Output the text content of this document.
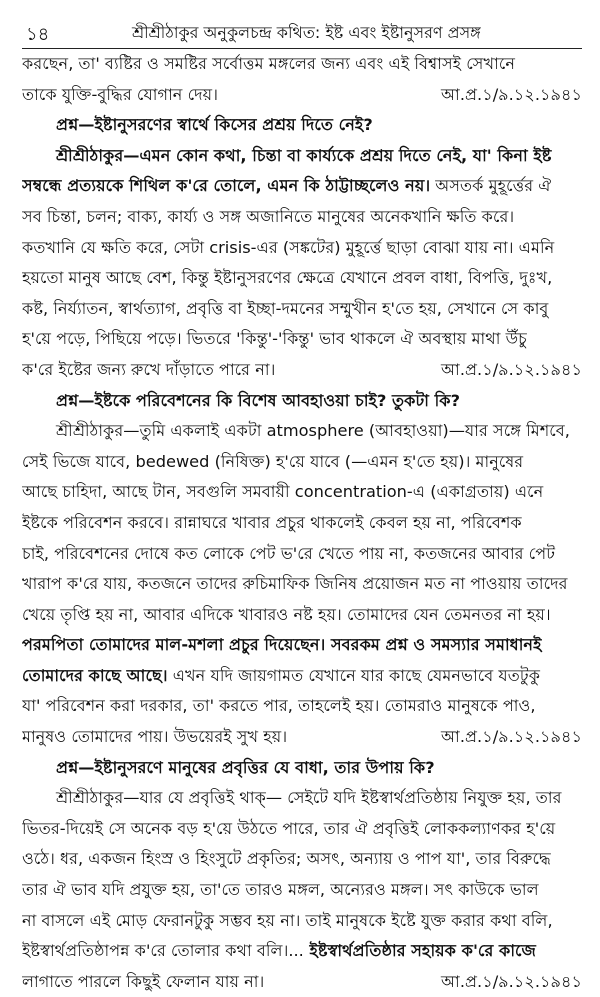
১৪	শ্রীশ্রীঠাকুর অনুকুলচন্দ্র কথিত: ইষ্ট এবং ইষ্টানুসরণ প্রসঙ্গ
করছেন, তা' ব্যষ্টির ও সমষ্টির সর্বোত্তম মঙ্গলের জন্য এবং এই বিশ্বাসই সেখানে
তাকে যুক্তি-বুদ্ধির যোগান দেয়।	আ.প্র.১/৯.১২.১৯৪১
প্রশ্ন—ইষ্টানুসরণের স্বার্থে কিসের প্রশ্রয় দিতে নেই?
শ্রীশ্রীঠাকুর—এমন কোন কথা, চিন্তা বা কার্য্যকে প্রশ্রয় দিতে নেই, যা' কিনা ইষ্ট
সম্বন্ধে প্রত্যয়কে শিথিল ক'রে তোলে, এমন কি ঠাট্টাচ্ছলেও নয়। অসতর্ক মুহূর্ত্তের ঐ
সব চিন্তা, চলন; বাক্য, কার্য্য ও সঙ্গ অজানিতে মানুষের অনেকখানি ক্ষতি করে।
কতখানি যে ক্ষতি করে, সেটা crisis-এর (সঙ্কটের) মুহূর্ত্তে ছাড়া বোঝা যায় না। এমনি
হয়তো মানুষ আছে বেশ, কিন্তু ইষ্টানুসরণের ক্ষেত্রে যেখানে প্রবল বাধা, বিপত্তি, দুঃখ,
কষ্ট, নির্য্যাতন, স্বার্থত্যাগ, প্রবৃত্তি বা ইচ্ছা-দমনের সম্মুখীন হ'তে হয়, সেখানে সে কাবু
হ'য়ে পড়ে, পিছিয়ে পড়ে। ভিতরে 'কিন্তু'-'কিন্তু' ভাব থাকলে ঐ অবস্থায় মাথা উঁচু
ক'রে ইষ্টের জন্য রুখে দাঁড়াতে পারে না।	আ.প্র.১/৯.১২.১৯৪১
প্রশ্ন—ইষ্টকে পরিবেশনের কি বিশেষ আবহাওয়া চাই? তুকটা কি?
শ্রীশ্রীঠাকুর—তুমি একলাই একটা atmosphere (আবহাওয়া)—যার সঙ্গে মিশবে,
সেই ভিজে যাবে, bedewed (নিষিক্ত) হ'য়ে যাবে (—এমন হ'তে হয়)। মানুষের
আছে চাহিদা, আছে টান, সবগুলি সমবায়ী concentration-এ (একাগ্রতায়) এনে
ইষ্টকে পরিবেশন করবে। রান্নাঘরে খাবার প্রচুর থাকলেই কেবল হয় না, পরিবেশক
চাই, পরিবেশনের দোষে কত লোকে পেট ভ'রে খেতে পায় না, কতজনের আবার পেট
খারাপ ক'রে যায়, কতজনে তাদের রুচিমাফিক জিনিষ প্রয়োজন মত না পাওয়ায় তাদের
খেয়ে তৃপ্তি হয় না, আবার এদিকে খাবারও নষ্ট হয়। তোমাদের যেন তেমনতর না হয়।
পরমপিতা তোমাদের মাল-মশলা প্রচুর দিয়েছেন। সবরকম প্রশ্ন ও সমস্যার সমাধানই
তোমাদের কাছে আছে। এখন যদি জায়গামত যেখানে যার কাছে যেমনভাবে যতটুকু
যা' পরিবেশন করা দরকার, তা' করতে পার, তাহলেই হয়। তোমরাও মানুষকে পাও,
মানুষও তোমাদের পায়। উভয়েরই সুখ হয়।	আ.প্র.১/৯.১২.১৯৪১
প্রশ্ন—ইষ্টানুসরণে মানুষের প্রবৃত্তির যে বাধা, তার উপায় কি?
শ্রীশ্রীঠাকুর—যার যে প্রবৃত্তিই থাক্— সেইটে যদি ইষ্টস্বার্থপ্রতিষ্ঠায় নিযুক্ত হয়, তার
ভিতর-দিয়েই সে অনেক বড় হ'য়ে উঠতে পারে, তার ঐ প্রবৃত্তিই লোককল্যাণকর হ'য়ে
ওঠে। ধর, একজন হিংস্র ও হিংসুটে প্রকৃতির; অসৎ, অন্যায় ও পাপ যা', তার বিরুদ্ধে
তার ঐ ভাব যদি প্রযুক্ত হয়, তা'তে তারও মঙ্গল, অন্যেরও মঙ্গল। সৎ কাউকে ভাল
না বাসলে এই মোড় ফেরানটুকু সম্ভব হয় না। তাই মানুষকে ইষ্টে যুক্ত করার কথা বলি,
ইষ্টস্বার্থপ্রতিষ্ঠাপন্ন ক'রে তোলার কথা বলি।... ইষ্টস্বার্থপ্রতিষ্ঠার সহায়ক ক'রে কাজে
লাগাতে পারলে কিছুই ফেলান যায় না।	আ.প্র.১/৯.১২.১৯৪১
